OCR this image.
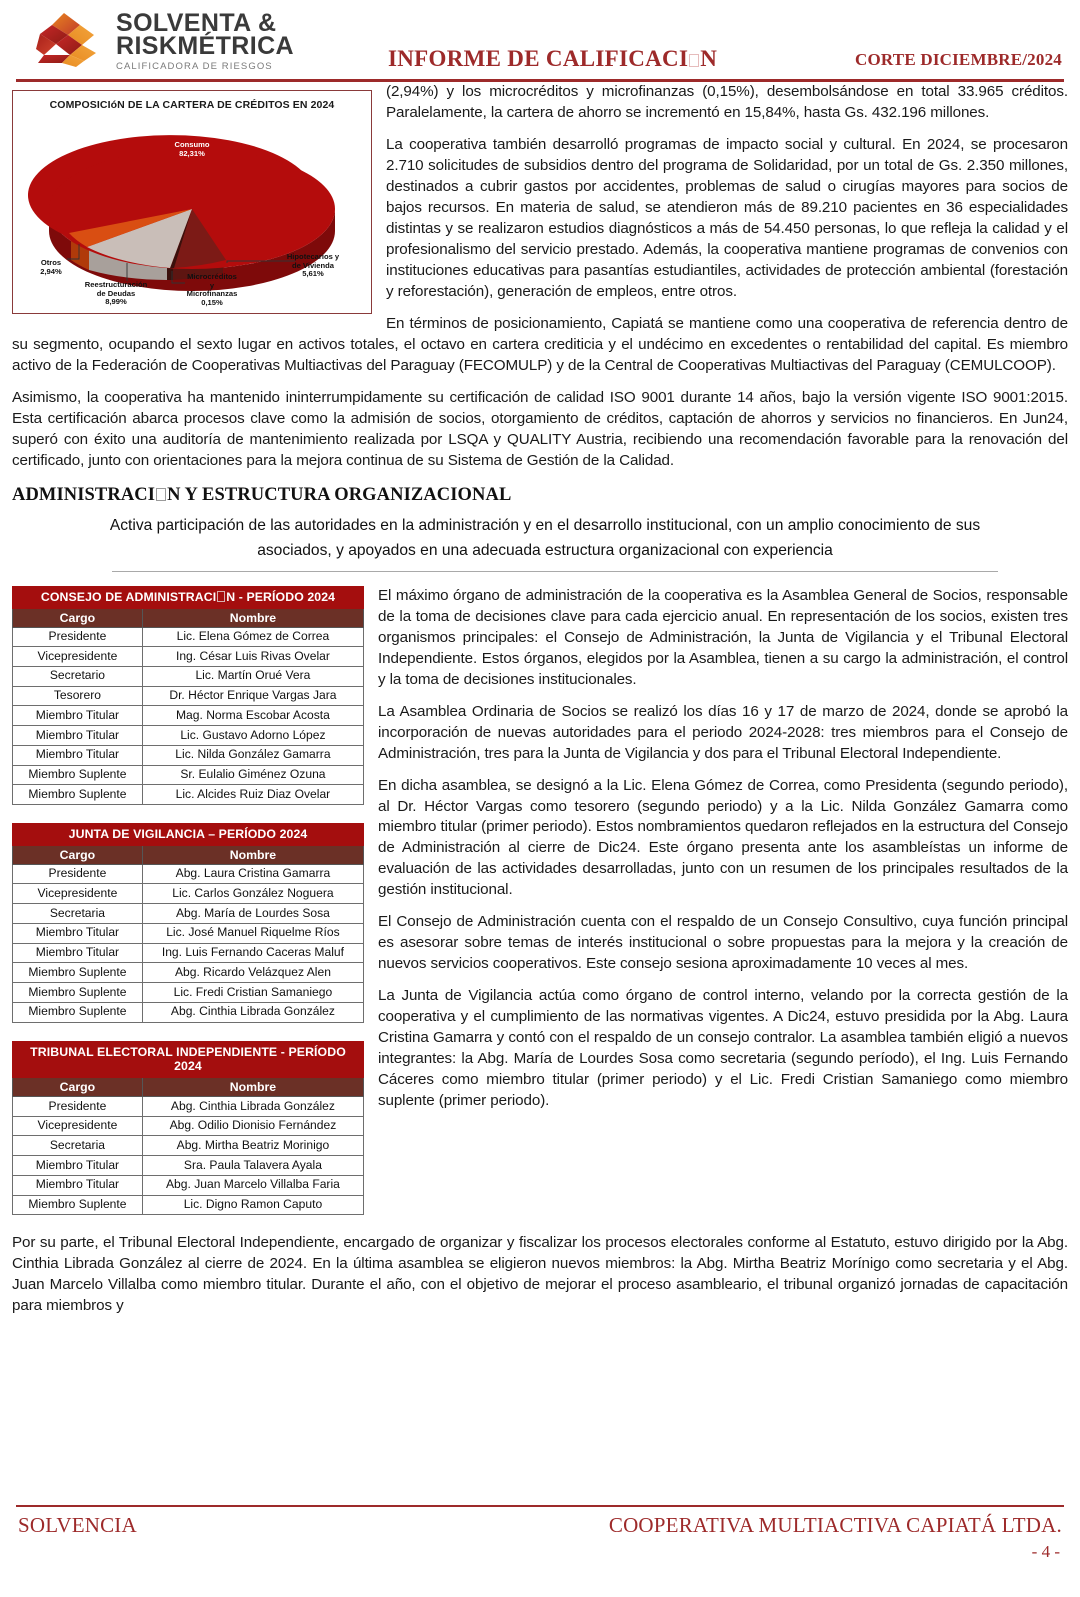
SOLVENTA &
RISKMÉTRICA
CALIFICADORA DE RIESGOS	INFORME DE CALIFICACI N	CORTE DICIEMBRE/2024
COMPOSICIóN DE LA CARTERA DE CRÉDITOS EN 2024
Consumo
82,31%
Otros
2,94%
Reestructuración
de Deudas
8,99%
Microcréditos
y
Microfinanzas
0,15%
Hipotecarios y
de Vivienda
5,61%

(2,94%) y los microcréditos y microfinanzas (0,15%), desembolsándose en total 33.965 créditos. Paralelamente, la cartera de ahorro se incrementó en 15,84%, hasta Gs. 432.196 millones.

La cooperativa también desarrolló programas de impacto social y cultural. En 2024, se procesaron 2.710 solicitudes de subsidios dentro del programa de Solidaridad, por un total de Gs. 2.350 millones, destinados a cubrir gastos por accidentes, problemas de salud o cirugías mayores para socios de bajos recursos. En materia de salud, se atendieron más de 89.210 pacientes en 36 especialidades distintas y se realizaron estudios diagnósticos a más de 54.450 personas, lo que refleja la calidad y el profesionalismo del servicio prestado. Además, la cooperativa mantiene programas de convenios con instituciones educativas para pasantías estudiantiles, actividades de protección ambiental (forestación y reforestación), generación de empleos, entre otros.

En términos de posicionamiento, Capiatá se mantiene como una cooperativa de referencia dentro de su segmento, ocupando el sexto lugar en activos totales, el octavo en cartera crediticia y el undécimo en excedentes o rentabilidad del capital. Es miembro activo de la Federación de Cooperativas Multiactivas del Paraguay (FECOMULP) y de la Central de Cooperativas Multiactivas del Paraguay (CEMULCOOP).

Asimismo, la cooperativa ha mantenido ininterrumpidamente su certificación de calidad ISO 9001 durante 14 años, bajo la versión vigente ISO 9001:2015. Esta certificación abarca procesos clave como la admisión de socios, otorgamiento de créditos, captación de ahorros y servicios no financieros. En Jun24, superó con éxito una auditoría de mantenimiento realizada por LSQA y QUALITY Austria, recibiendo una recomendación favorable para la renovación del certificado, junto con orientaciones para la mejora continua de su Sistema de Gestión de la Calidad.

ADMINISTRACI N Y ESTRUCTURA ORGANIZACIONAL
Activa participación de las autoridades en la administración y en el desarrollo institucional, con un amplio conocimiento de sus asociados, y apoyados en una adecuada estructura organizacional con experiencia
CONSEJO DE ADMINISTRACI N - PERÍODO 2024	
Cargo	Nombre
Presidente	Lic. Elena Gómez de Correa
Vicepresidente	Ing. César Luis Rivas Ovelar
Secretario	Lic. Martín Orué Vera
Tesorero	Dr. Héctor Enrique Vargas Jara
Miembro Titular	Mag. Norma Escobar Acosta
Miembro Titular	Lic. Gustavo Adorno López
Miembro Titular	Lic. Nilda González Gamarra
Miembro Suplente	Sr. Eulalio Giménez Ozuna
Miembro Suplente	Lic. Alcides Ruiz Diaz Ovelar
JUNTA DE VIGILANCIA – PERÍODO 2024	
Cargo	Nombre
Presidente	Abg. Laura Cristina Gamarra
Vicepresidente	Lic. Carlos González Noguera
Secretaria	Abg. María de Lourdes Sosa
Miembro Titular	Lic. José Manuel Riquelme Ríos
Miembro Titular	Ing. Luis Fernando Caceras Maluf
Miembro Suplente	Abg. Ricardo Velázquez Alen
Miembro Suplente	Lic. Fredi Cristian Samaniego
Miembro Suplente	Abg. Cinthia Librada González
TRIBUNAL ELECTORAL INDEPENDIENTE - PERÍODO 2024	
Cargo	Nombre
Presidente	Abg. Cinthia Librada González
Vicepresidente	Abg. Odilio Dionisio Fernández
Secretaria	Abg. Mirtha Beatriz Morinigo
Miembro Titular	Sra. Paula Talavera Ayala
Miembro Titular	Abg. Juan Marcelo Villalba Faria
Miembro Suplente	Lic. Digno Ramon Caputo

El máximo órgano de administración de la cooperativa es la Asamblea General de Socios, responsable de la toma de decisiones clave para cada ejercicio anual. En representación de los socios, existen tres organismos principales: el Consejo de Administración, la Junta de Vigilancia y el Tribunal Electoral Independiente. Estos órganos, elegidos por la Asamblea, tienen a su cargo la administración, el control y la toma de decisiones institucionales.

La Asamblea Ordinaria de Socios se realizó los días 16 y 17 de marzo de 2024, donde se aprobó la incorporación de nuevas autoridades para el periodo 2024-2028: tres miembros para el Consejo de Administración, tres para la Junta de Vigilancia y dos para el Tribunal Electoral Independiente.

En dicha asamblea, se designó a la Lic. Elena Gómez de Correa, como Presidenta (segundo periodo), al Dr. Héctor Vargas como tesorero (segundo periodo) y a la Lic. Nilda González Gamarra como miembro titular (primer periodo). Estos nombramientos quedaron reflejados en la estructura del Consejo de Administración al cierre de Dic24. Este órgano presenta ante los asambleístas un informe de evaluación de las actividades desarrolladas, junto con un resumen de los principales resultados de la gestión institucional.

El Consejo de Administración cuenta con el respaldo de un Consejo Consultivo, cuya función principal es asesorar sobre temas de interés institucional o sobre propuestas para la mejora y la creación de nuevos servicios cooperativos. Este consejo sesiona aproximadamente 10 veces al mes.

La Junta de Vigilancia actúa como órgano de control interno, velando por la correcta gestión de la cooperativa y el cumplimiento de las normativas vigentes. A Dic24, estuvo presidida por la Abg. Laura Cristina Gamarra y contó con el respaldo de un consejo contralor. La asamblea también eligió a nuevos integrantes: la Abg. María de Lourdes Sosa como secretaria (segundo período), el Ing. Luis Fernando Cáceres como miembro titular (primer periodo) y el Lic. Fredi Cristian Samaniego como miembro suplente (primer periodo).

Por su parte, el Tribunal Electoral Independiente, encargado de organizar y fiscalizar los procesos electorales conforme al Estatuto, estuvo dirigido por la Abg. Cinthia Librada González al cierre de 2024. En la última asamblea se eligieron nuevos miembros: la Abg. Mirtha Beatriz Morínigo como secretaria y el Abg. Juan Marcelo Villalba como miembro titular. Durante el año, con el objetivo de mejorar el proceso asambleario, el tribunal organizó jornadas de capacitación para miembros y

SOLVENCIA	COOPERATIVA MULTIACTIVA CAPIATÁ LTDA.
- 4 -
